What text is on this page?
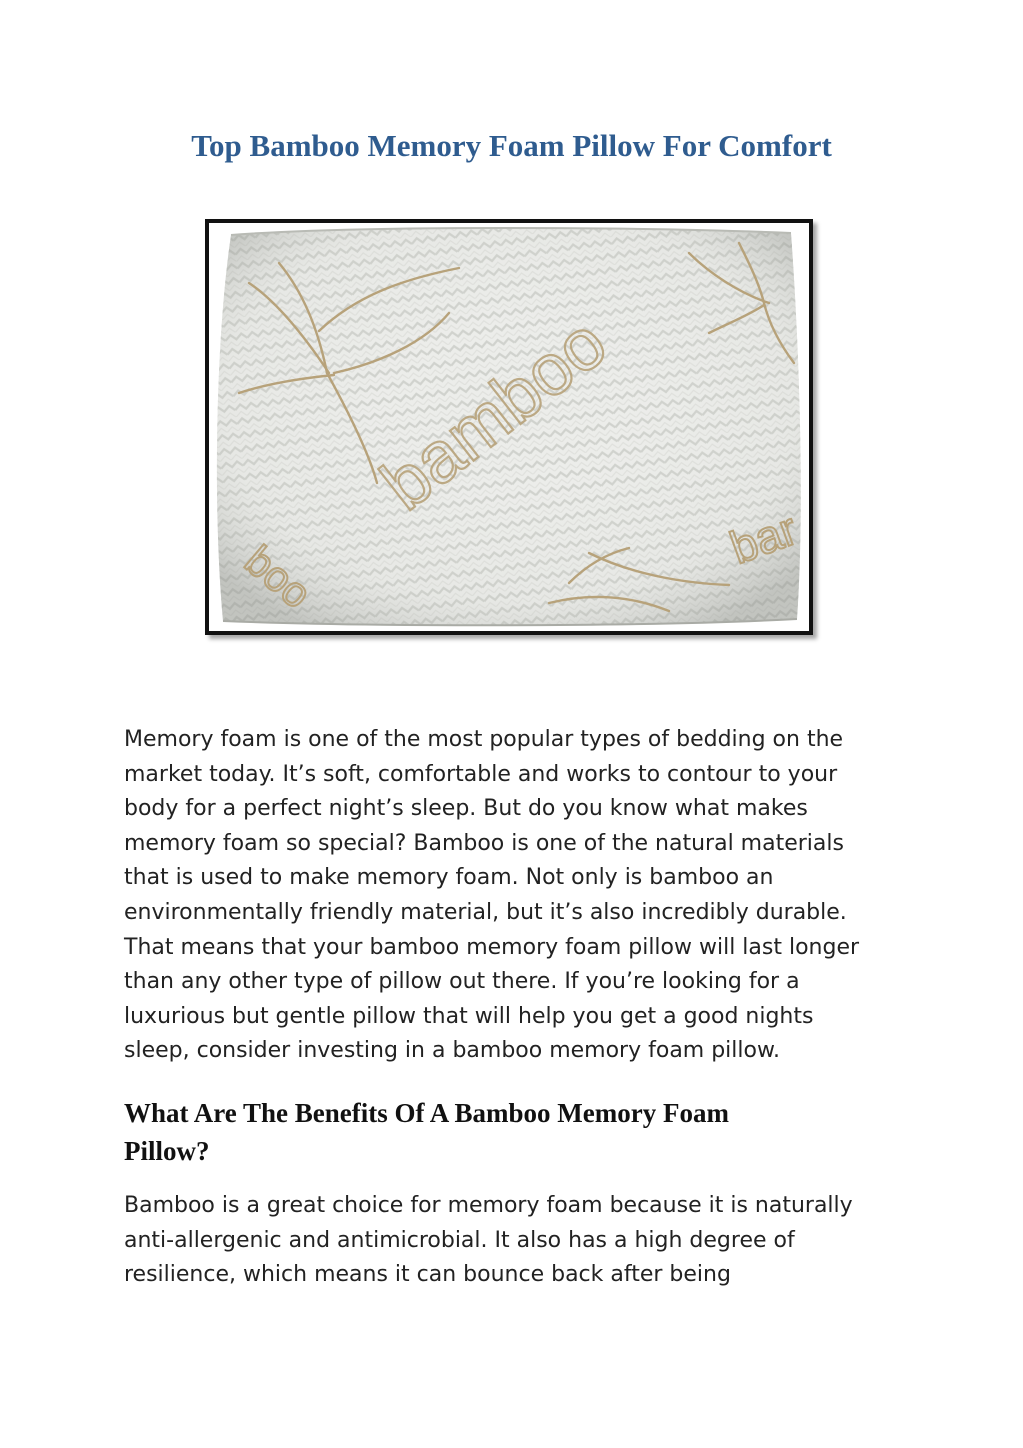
Top Bamboo Memory Foam Pillow For Comfort
bamboo
bar
boo

Memory foam is one of the most popular types of bedding on the
market today. It’s soft, comfortable and works to contour to your
body for a perfect night’s sleep. But do you know what makes
memory foam so special? Bamboo is one of the natural materials
that is used to make memory foam. Not only is bamboo an
environmentally friendly material, but it’s also incredibly durable.
That means that your bamboo memory foam pillow will last longer
than any other type of pillow out there. If you’re looking for a
luxurious but gentle pillow that will help you get a good nights
sleep, consider investing in a bamboo memory foam pillow.

What Are The Benefits Of A Bamboo Memory Foam
Pillow?

Bamboo is a great choice for memory foam because it is naturally
anti-allergenic and antimicrobial. It also has a high degree of
resilience, which means it can bounce back after being
